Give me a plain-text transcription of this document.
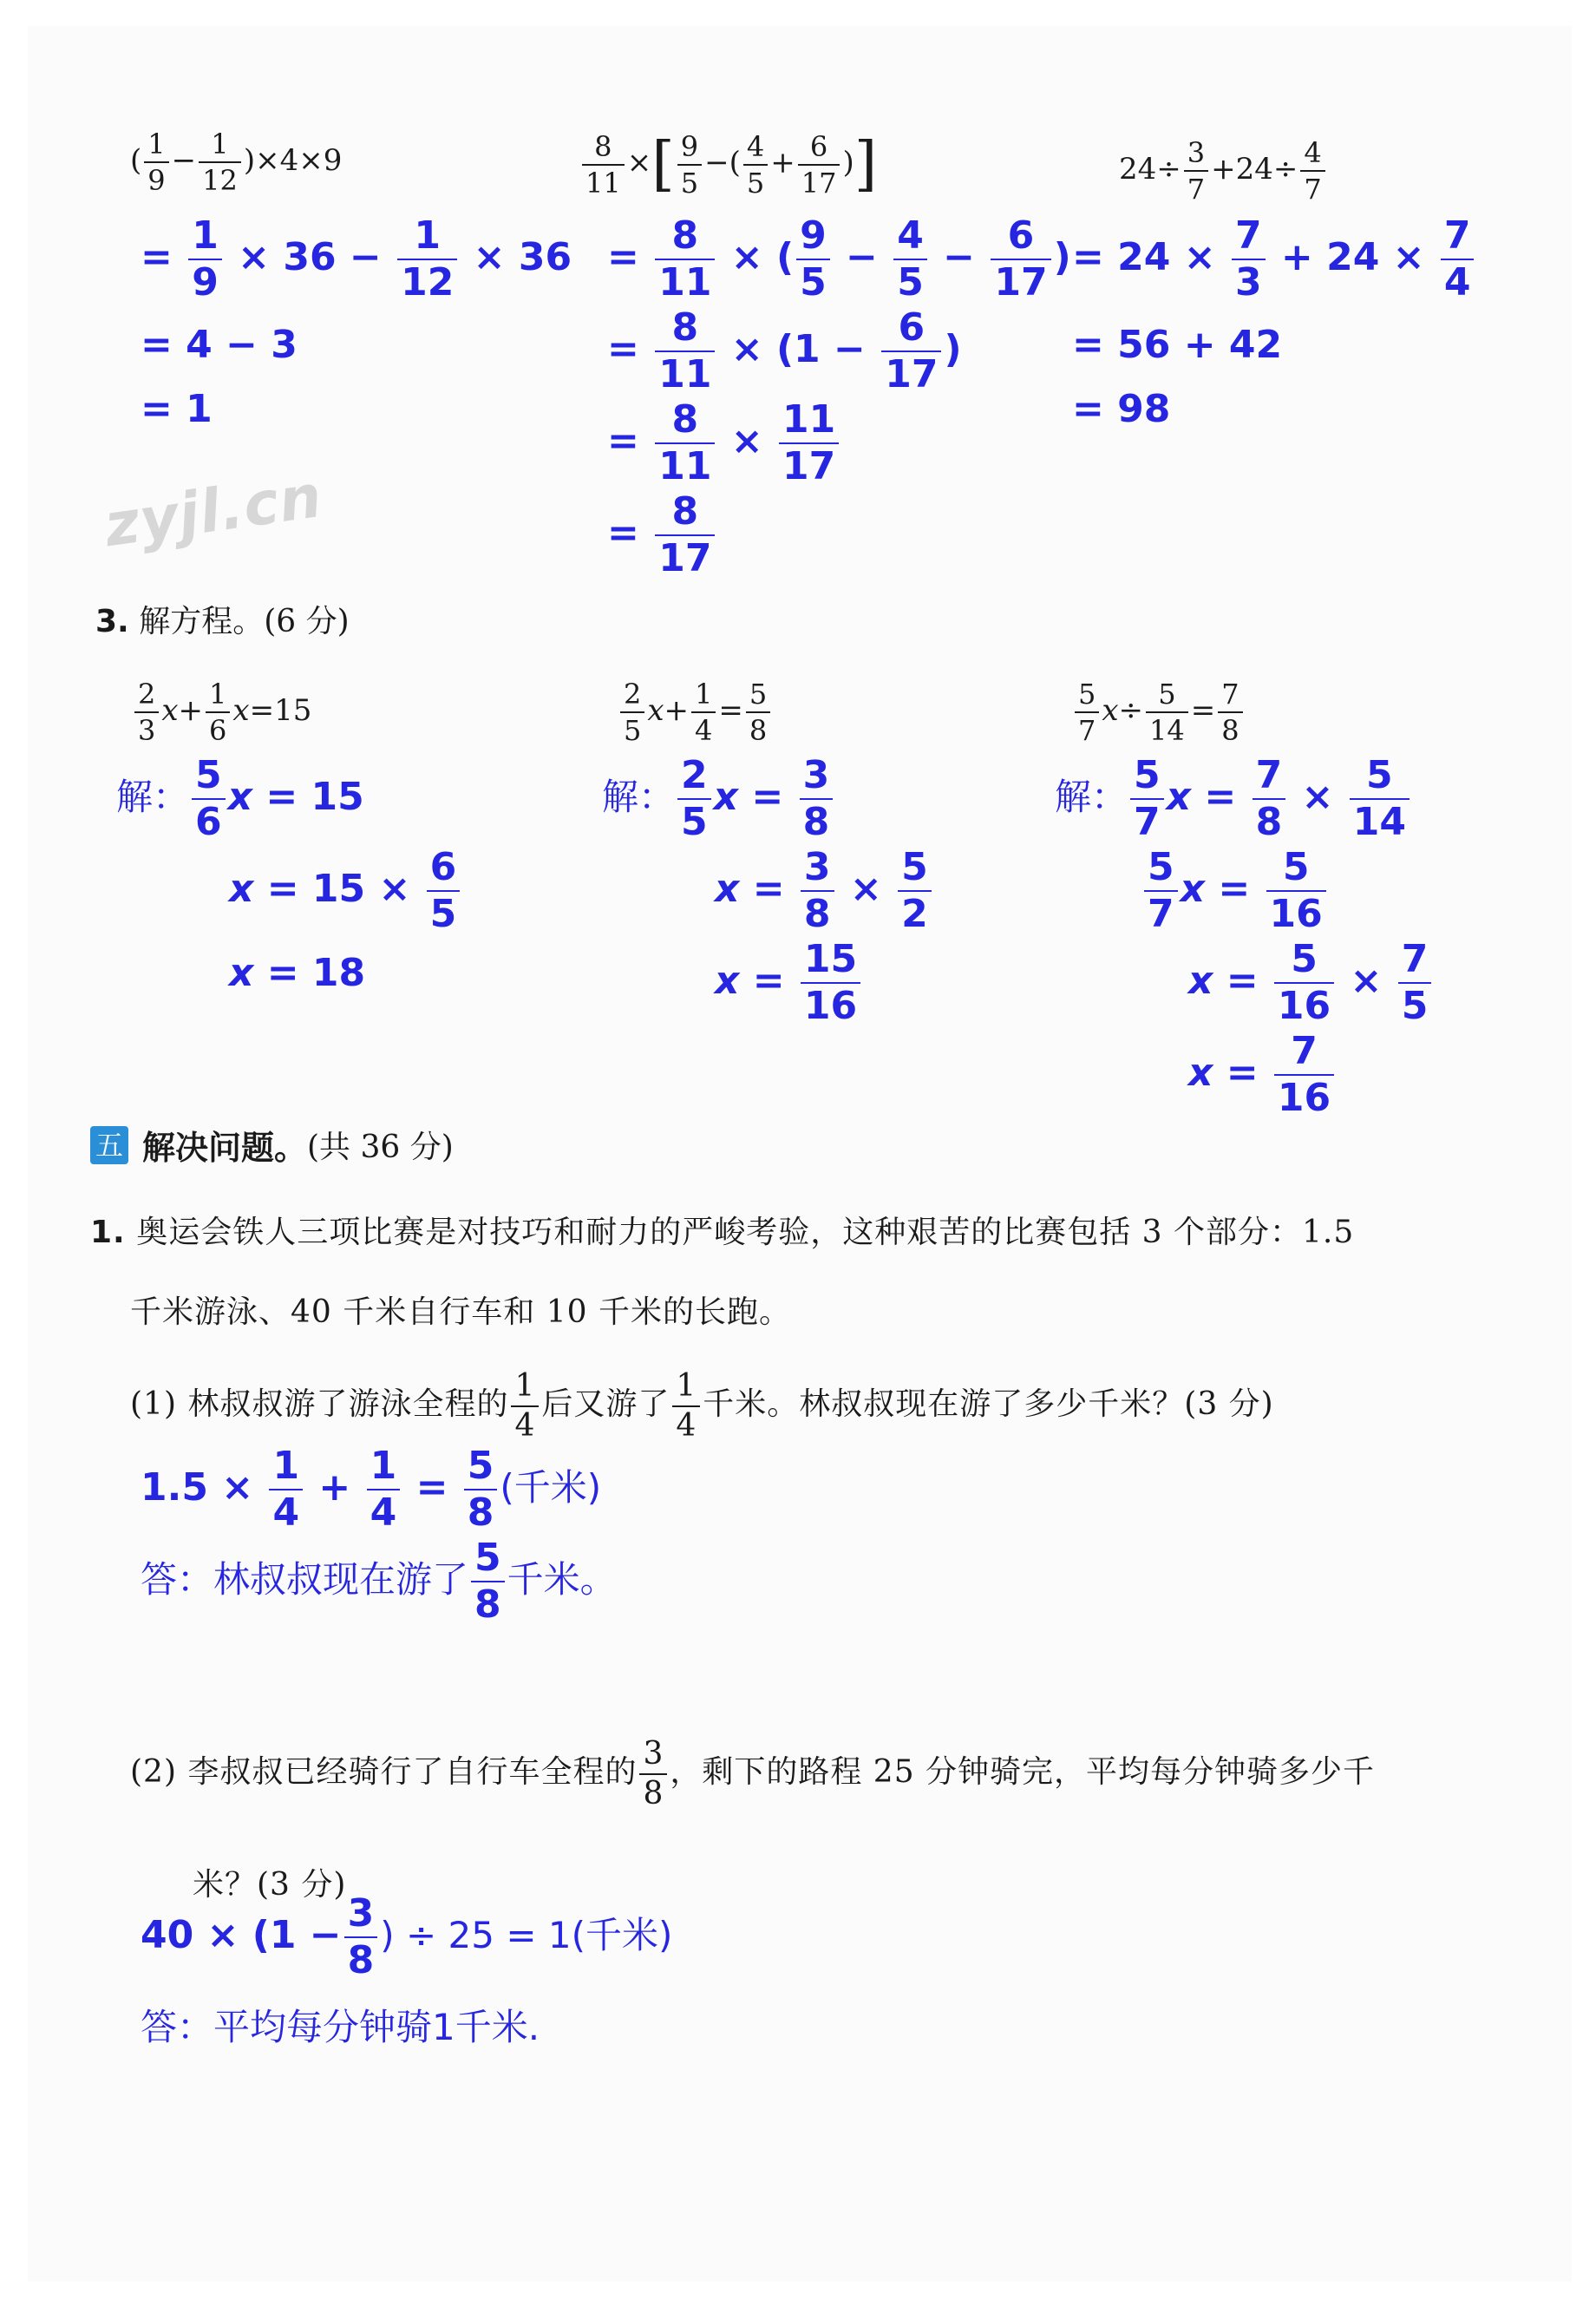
( $\frac{1}{9} - \frac{1}{12} )\times 4\times 9$
= $\frac{1}{9} \times 36 - \frac{1}{12} \times 36$
= 4 − 3
= 1
zyjl.cn
$\frac{8}{11}$ ×[ $\frac{9}{5}$ −( $\frac{4}{5} + \frac{6}{17}$ )]
= $\frac{8}{11}$ × ( $\frac{9}{5} - \frac{4}{5} - \frac{6}{17}$ )
= $\frac{8}{11} \times (1 - \frac{6}{17}$ )
= $\frac{8}{11} \times \frac{11}{17}$
= $\frac{8}{17}$
$24\div \frac{3}{7} +24\div \frac{4}{7}$
= $24 \times \frac{7}{3} + 24 \times \frac{7}{4}$
= 56 + 42
= 98
3. 解方程。(6 分)
$\frac{2}{3} x+ \frac{1}{6} x=15$
解： $\frac{5}{6}$ x = 15
$x = 15 \times \frac{6}{5}$
x = 18
$\frac{2}{5} x+ \frac{1}{4} = \frac{5}{8}$
解： $\frac{2}{5}$ $x = \frac{3}{8}$
$x = \frac{3}{8} \times \frac{5}{2}$
$x = \frac{15}{16}$
$\frac{5}{7} x\div \frac{5}{14} = \frac{7}{8}$
解： $\frac{5}{7}$ $x = \frac{7}{8} \times \frac{5}{14}$
$\frac{5}{7}$ $x = \frac{5}{16}$
$x = \frac{5}{16} \times \frac{7}{5}$
$x = \frac{7}{16}$
五 解决问题。(共 36 分)
1. 奥运会铁人三项比赛是对技巧和耐力的严峻考验，这种艰苦的比赛包括 3 个部分：1.5
千米游泳、40 千米自行车和 10 千米的长跑。
(1) 林叔叔游了游泳全程的 $\frac{1}{4}$ 后又游了 $\frac{1}{4}$ 千米。林叔叔现在游了多少千米？(3 分)
$1.5 \times \frac{1}{4} + \frac{1}{4} = \frac{5}{8}$ (千米)
答：林叔叔现在游了 $\frac{5}{8}$ 千米。
(2) 李叔叔已经骑行了自行车全程的 $\frac{3}{8}$ ，剩下的路程 25 分钟骑完，平均每分钟骑多少千
米？(3 分)
$40 \times (1 - \frac{3}{8}$ ) ÷ 25 = 1(千米)
答：平均每分钟骑1千米.
